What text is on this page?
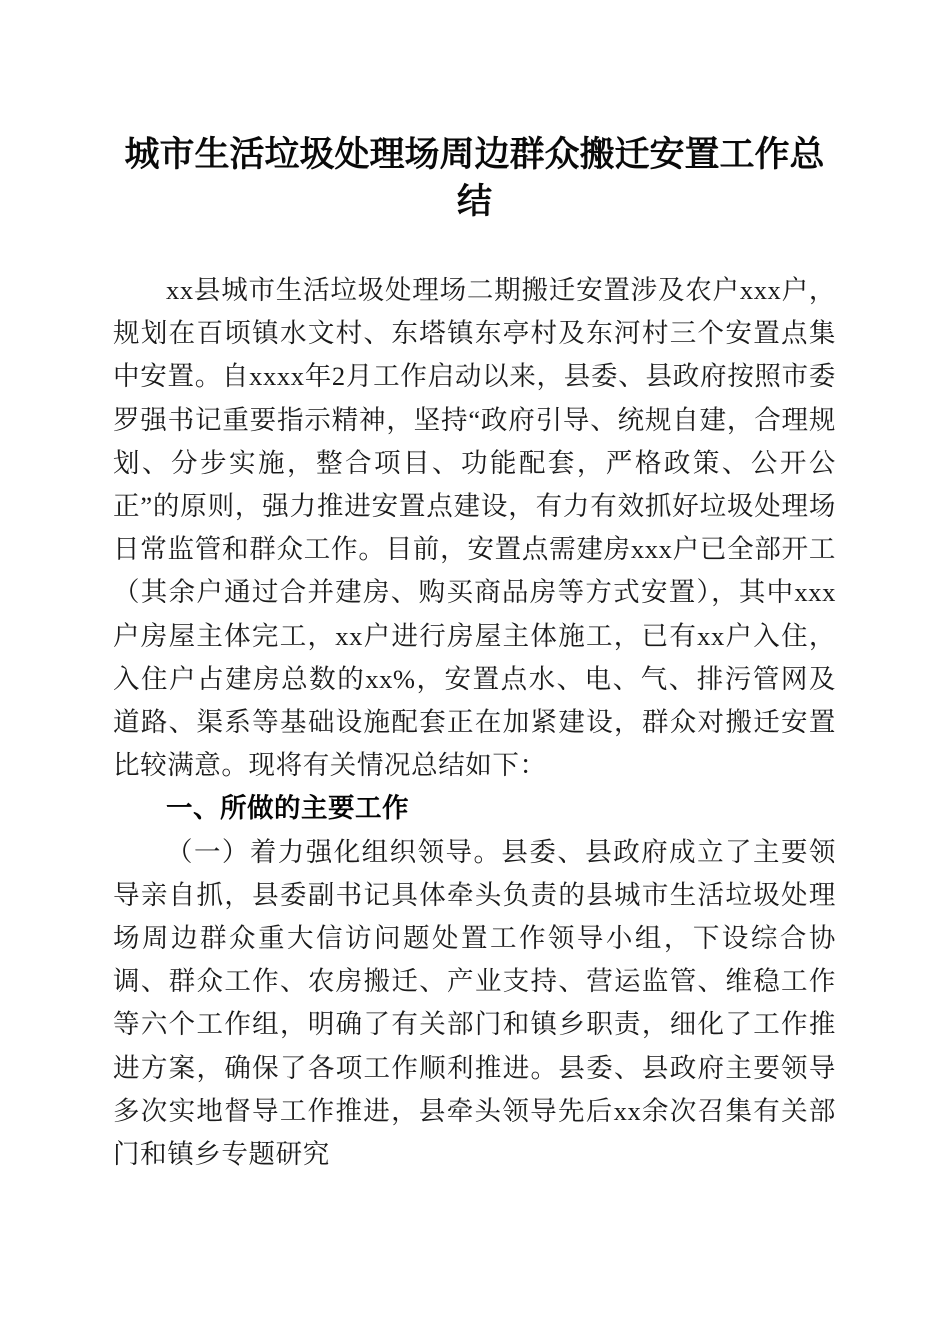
城市生活垃圾处理场周边群众搬迁安置工作总结

xx县城市生活垃圾处理场二期搬迁安置涉及农户xxx户，规划在百顷镇水文村、东塔镇东亭村及东河村三个安置点集中安置。自xxxx年2月工作启动以来，县委、县政府按照市委罗强书记重要指示精神，坚持“政府引导、统规自建，合理规划、分步实施，整合项目、功能配套，严格政策、公开公正”的原则，强力推进安置点建设，有力有效抓好垃圾处理场日常监管和群众工作。目前，安置点需建房xxx户已全部开工（其余户通过合并建房、购买商品房等方式安置），其中xxx户房屋主体完工，xx户进行房屋主体施工，已有xx户入住，入住户占建房总数的xx%，安置点水、电、气、排污管网及道路、渠系等基础设施配套正在加紧建设，群众对搬迁安置比较满意。现将有关情况总结如下：

一、所做的主要工作

（一）着力强化组织领导。县委、县政府成立了主要领导亲自抓，县委副书记具体牵头负责的县城市生活垃圾处理场周边群众重大信访问题处置工作领导小组，下设综合协调、群众工作、农房搬迁、产业支持、营运监管、维稳工作等六个工作组，明确了有关部门和镇乡职责，细化了工作推进方案，确保了各项工作顺利推进。县委、县政府主要领导多次实地督导工作推进，县牵头领导先后xx余次召集有关部门和镇乡专题研究
